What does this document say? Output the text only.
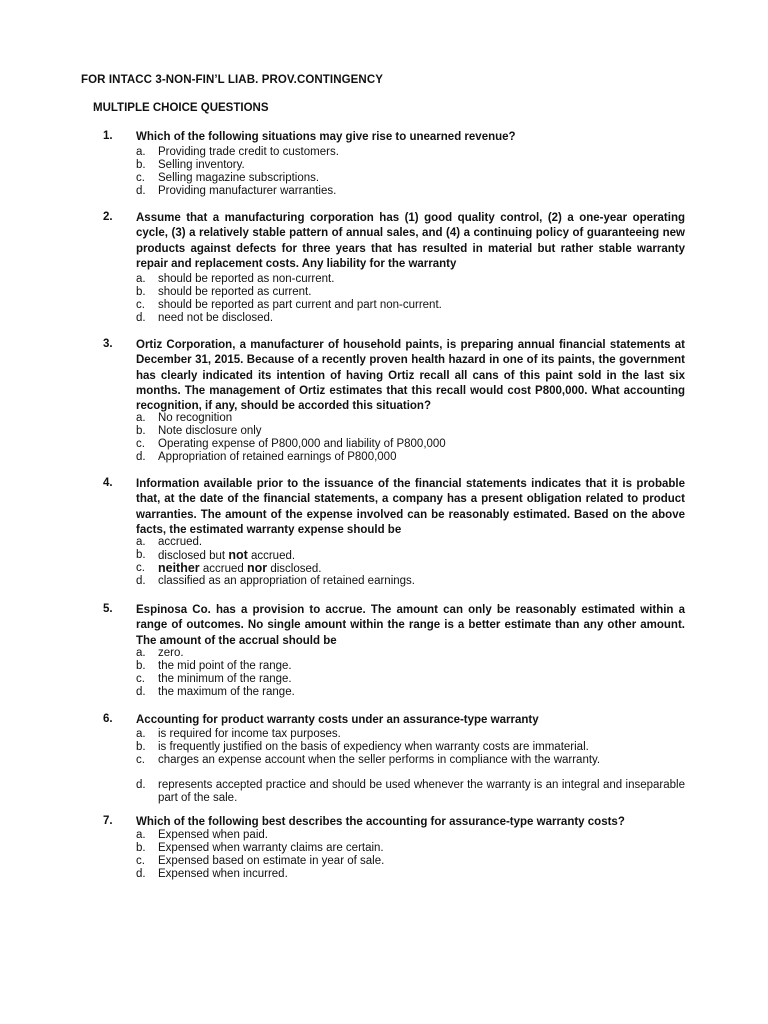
FOR INTACC 3-NON-FIN’L LIAB. PROV.CONTINGENCY
MULTIPLE CHOICE QUESTIONS
1. Which of the following situations may give rise to unearned revenue?
a. Providing trade credit to customers.
b. Selling inventory.
c. Selling magazine subscriptions.
d. Providing manufacturer warranties.
2. Assume that a manufacturing corporation has (1) good quality control, (2) a one-year operating cycle, (3) a relatively stable pattern of annual sales, and (4) a continuing policy of guaranteeing new products against defects for three years that has resulted in material but rather stable warranty repair and replacement costs. Any liability for the warranty
a. should be reported as non-current.
b. should be reported as current.
c. should be reported as part current and part non-current.
d. need not be disclosed.
3. Ortiz Corporation, a manufacturer of household paints, is preparing annual financial statements at December 31, 2015. Because of a recently proven health hazard in one of its paints, the government has clearly indicated its intention of having Ortiz recall all cans of this paint sold in the last six months. The management of Ortiz estimates that this recall would cost P800,000. What accounting recognition, if any, should be accorded this situation?
a. No recognition
b. Note disclosure only
c. Operating expense of P800,000 and liability of P800,000
d. Appropriation of retained earnings of P800,000
4. Information available prior to the issuance of the financial statements indicates that it is probable that, at the date of the financial statements, a company has a present obligation related to product warranties. The amount of the expense involved can be reasonably estimated. Based on the above facts, the estimated warranty expense should be
a. accrued.
b. disclosed but not accrued.
c. neither accrued nor disclosed.
d. classified as an appropriation of retained earnings.
5. Espinosa Co. has a provision to accrue. The amount can only be reasonably estimated within a range of outcomes. No single amount within the range is a better estimate than any other amount. The amount of the accrual should be
a. zero.
b. the mid point of the range.
c. the minimum of the range.
d. the maximum of the range.
6. Accounting for product warranty costs under an assurance-type warranty
a. is required for income tax purposes.
b. is frequently justified on the basis of expediency when warranty costs are immaterial.
c. charges an expense account when the seller performs in compliance with the warranty.
d. represents accepted practice and should be used whenever the warranty is an integral and inseparable part of the sale.
7. Which of the following best describes the accounting for assurance-type warranty costs?
a. Expensed when paid.
b. Expensed when warranty claims are certain.
c. Expensed based on estimate in year of sale.
d. Expensed when incurred.
